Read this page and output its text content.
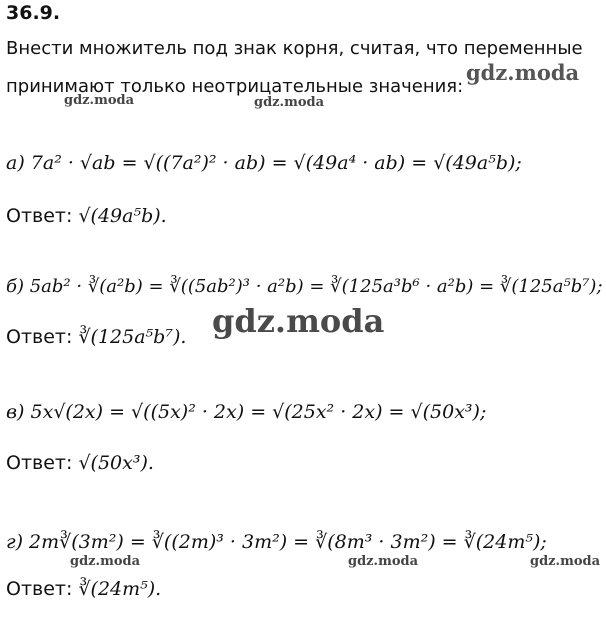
36.9.
Внести множитель под знак корня, считая, что переменные
принимают только неотрицательные значения:
gdz.moda
gdz.moda	gdz.moda
а) 7a² · √ab = √((7a²)² · ab) = √(49a⁴ · ab) = √(49a⁵b);
Ответ: √(49a⁵b).
б) 5ab² · ∛(a²b) = ∛((5ab²)³ · a²b) = ∛(125a³b⁶ · a²b) = ∛(125a⁵b⁷);
gdz.moda
Ответ: ∛(125a⁵b⁷).
в) 5x√(2x) = √((5x)² · 2x) = √(25x² · 2x) = √(50x³);
Ответ: √(50x³).
г) 2m∛(3m²) = ∛((2m)³ · 3m²) = ∛(8m³ · 3m²) = ∛(24m⁵);
gdz.moda	gdz.moda	gdz.moda
Ответ: ∛(24m⁵).
